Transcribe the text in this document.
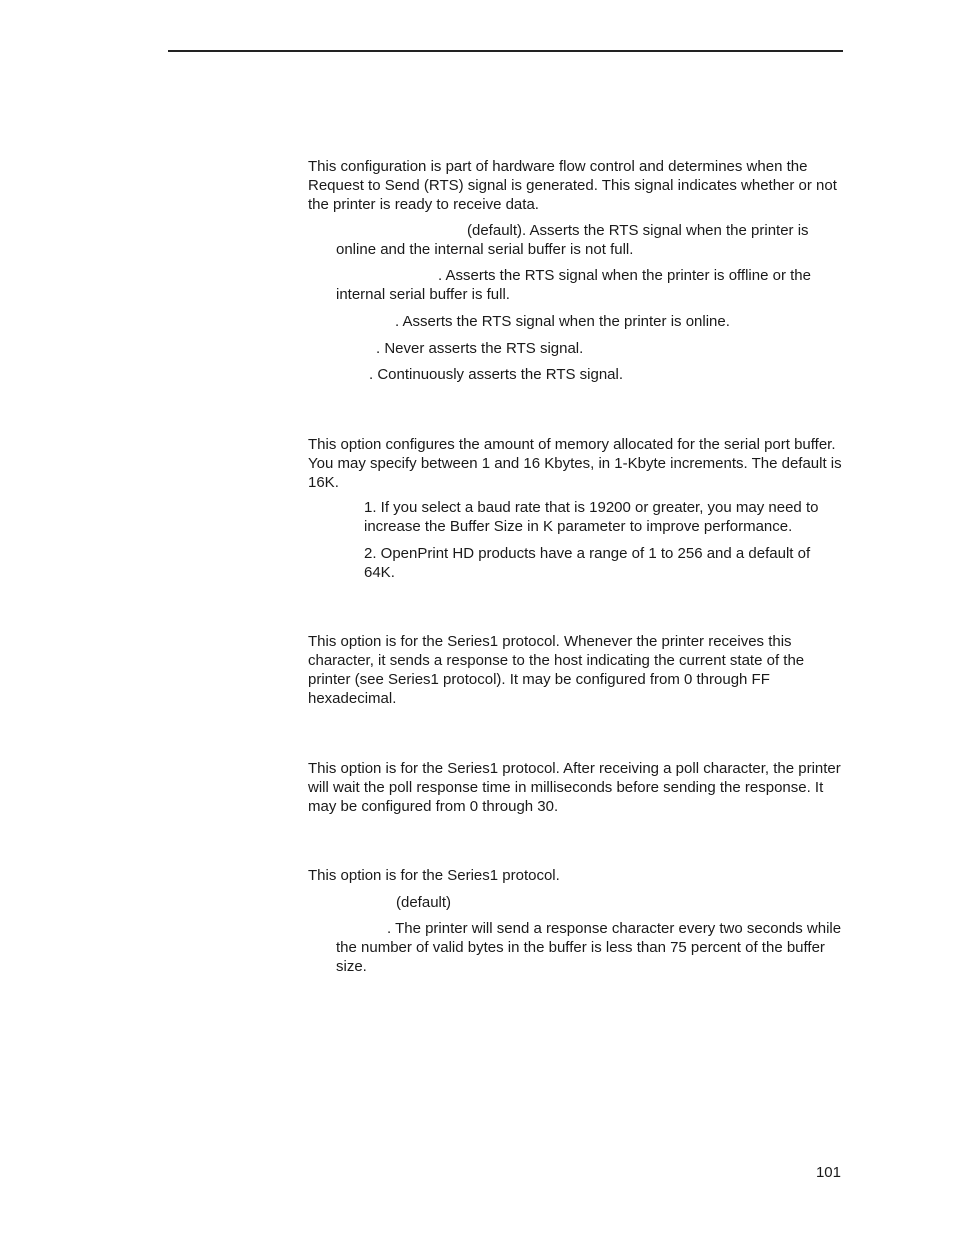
This configuration is part of hardware flow control and determines when the Request to Send (RTS) signal is generated. This signal indicates whether or not the printer is ready to receive data.

(default). Asserts the RTS signal when the printer is online and the internal serial buffer is not full.

. Asserts the RTS signal when the printer is offline or the internal serial buffer is full.

. Asserts the RTS signal when the printer is online.

. Never asserts the RTS signal.

. Continuously asserts the RTS signal.

This option configures the amount of memory allocated for the serial port buffer. You may specify between 1 and 16 Kbytes, in 1-Kbyte increments. The default is 16K.

1. If you select a baud rate that is 19200 or greater, you may need to increase the Buffer Size in K parameter to improve performance.

2. OpenPrint HD products have a range of 1 to 256 and a default of 64K.

This option is for the Series1 protocol. Whenever the printer receives this character, it sends a response to the host indicating the current state of the printer (see Series1 protocol). It may be configured from 0 through FF hexadecimal.

This option is for the Series1 protocol. After receiving a poll character, the printer will wait the poll response time in milliseconds before sending the response. It may be configured from 0 through 30.

This option is for the Series1 protocol.

(default)

. The printer will send a response character every two seconds while the number of valid bytes in the buffer is less than 75 percent of the buffer size.

101
